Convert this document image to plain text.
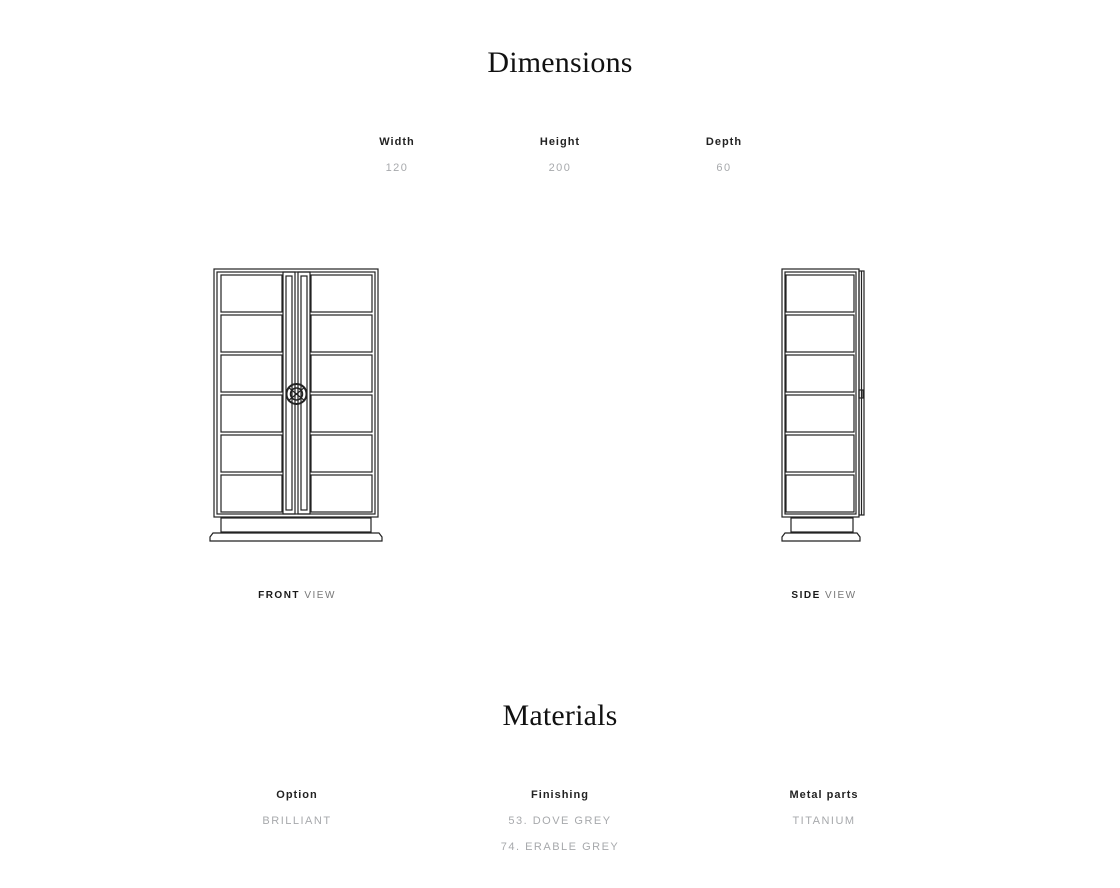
Dimensions
Width
120
Height
200
Depth
60
FRONT VIEW	SIDE VIEW
Materials
Option
BRILLIANT
Finishing
53. DOVE GREY
74. ERABLE GREY
Metal parts
TITANIUM
